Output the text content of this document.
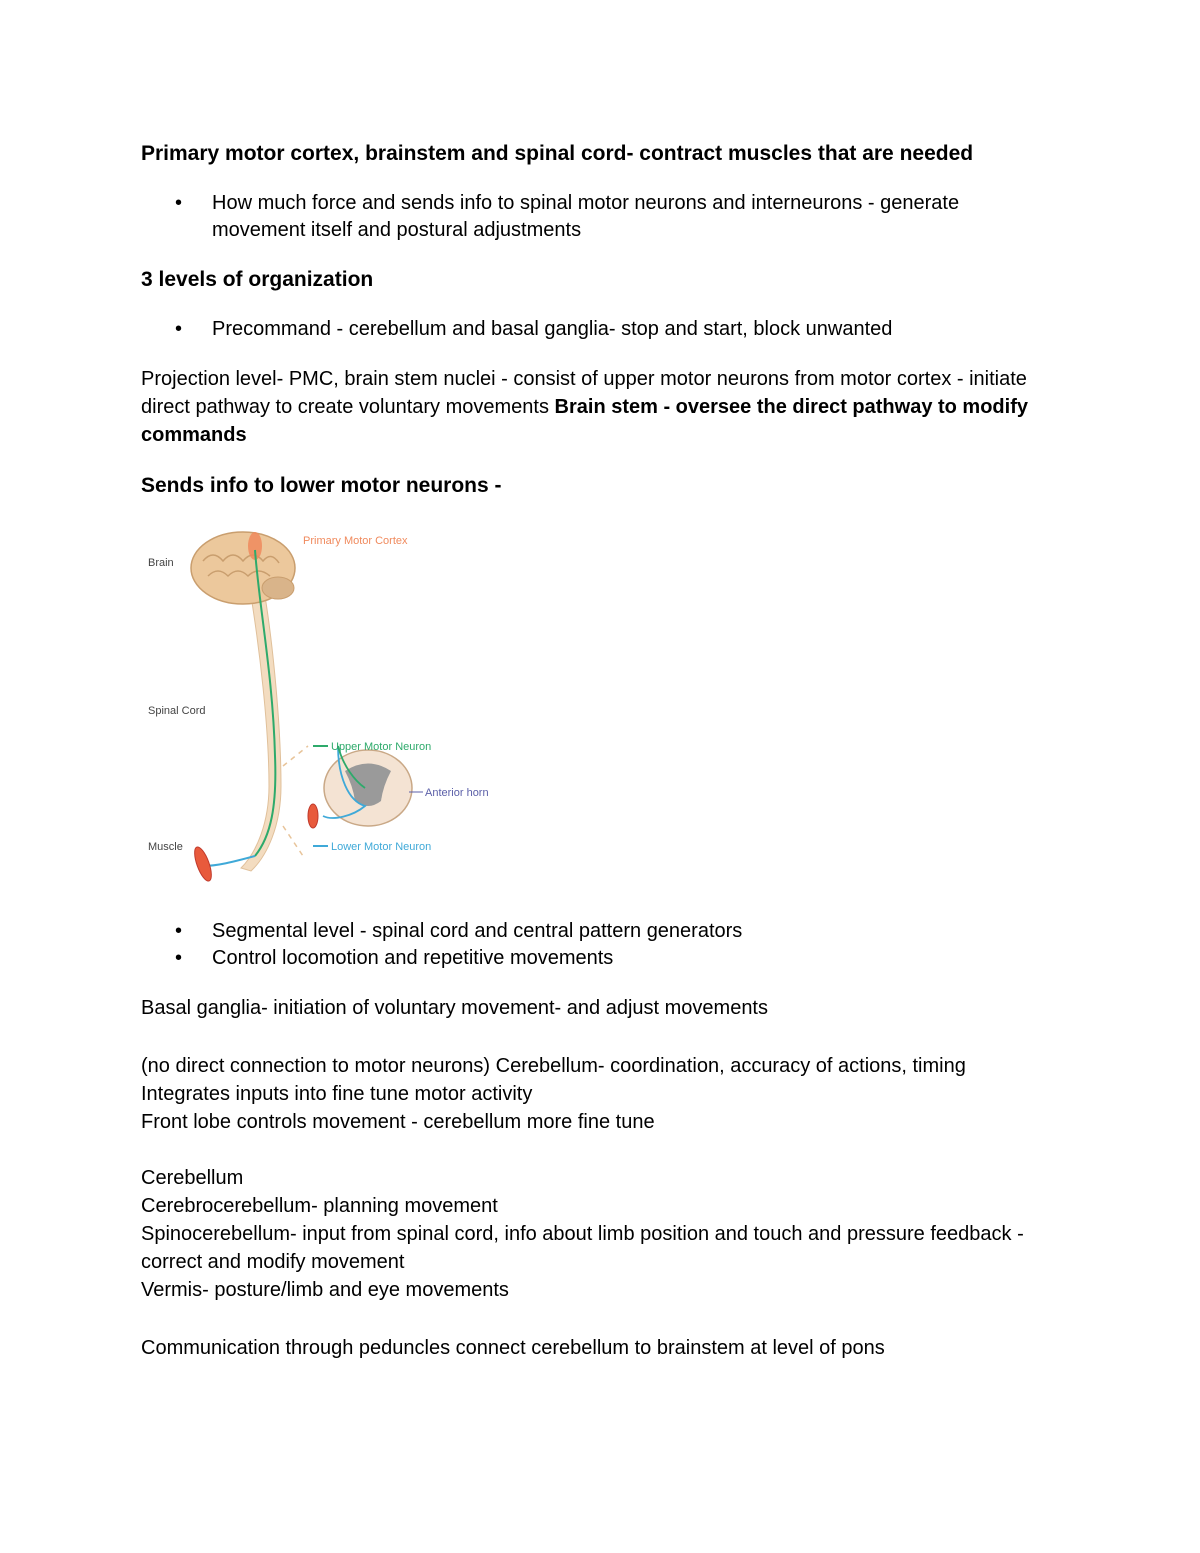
Primary motor cortex, brainstem and spinal cord- contract muscles that are needed

• How much force and sends info to spinal motor neurons and interneurons - generate movement itself and postural adjustments

3 levels of organization

• Precommand - cerebellum and basal ganglia- stop and start, block unwanted

Projection level- PMC, brain stem nuclei - consist of upper motor neurons from motor cortex - initiate direct pathway to create voluntary movements Brain stem - oversee the direct pathway to modify commands

Sends info to lower motor neurons -

Brain
Primary Motor Cortex
Spinal Cord
Upper Motor Neuron
Anterior horn
Muscle	Lower Motor Neuron
• Segmental level - spinal cord and central pattern generators
• Control locomotion and repetitive movements

Basal ganglia- initiation of voluntary movement- and adjust movements

(no direct connection to motor neurons) Cerebellum- coordination, accuracy of actions, timing

Integrates inputs into fine tune motor activity

Front lobe controls movement - cerebellum more fine tune

Cerebellum

Cerebrocerebellum- planning movement

Spinocerebellum- input from spinal cord, info about limb position and touch and pressure feedback - correct and modify movement

Vermis- posture/limb and eye movements

Communication through peduncles connect cerebellum to brainstem at level of pons
